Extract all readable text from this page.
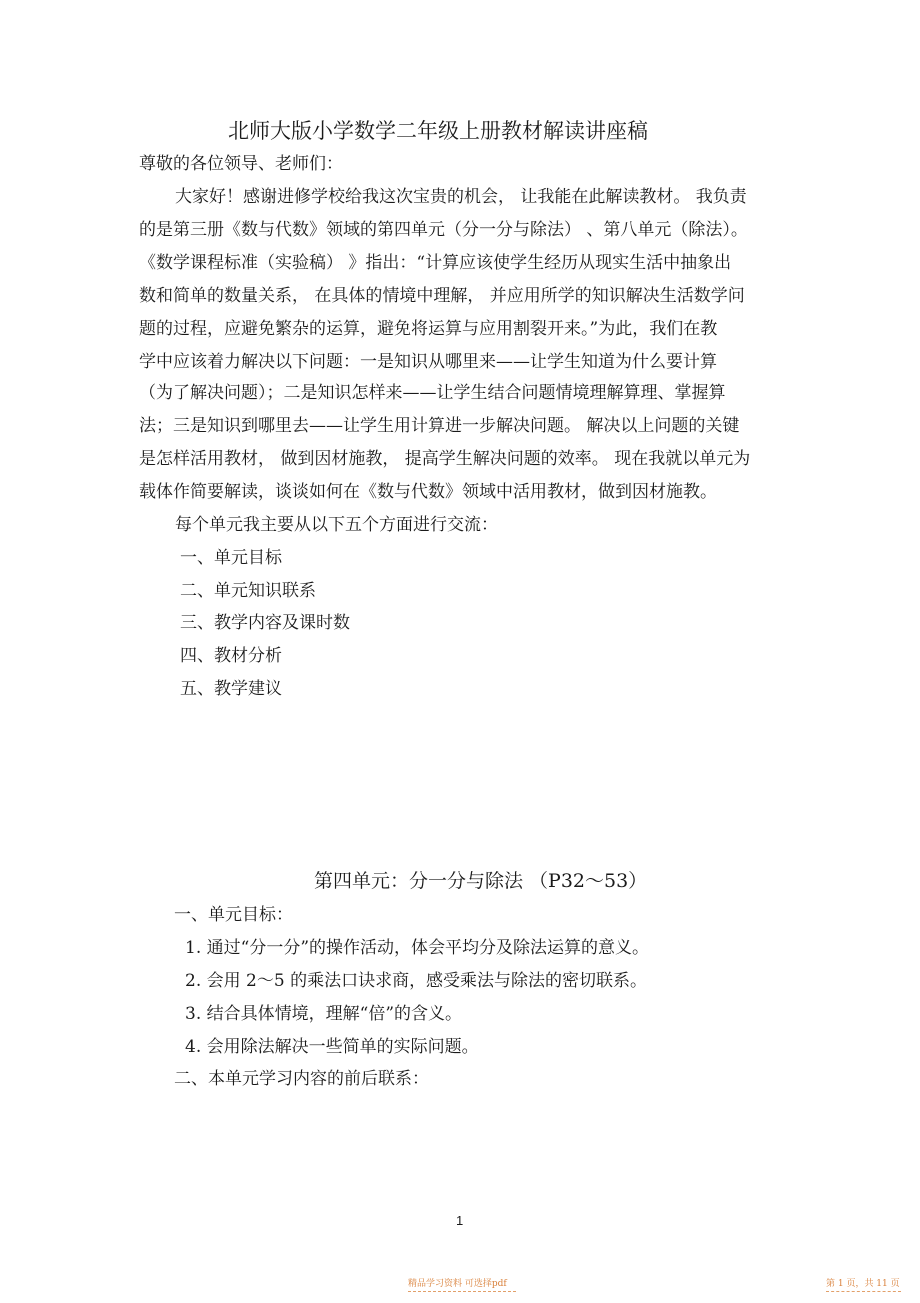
北师大版小学数学二年级上册教材解读讲座稿
尊敬的各位领导、老师们：
大家好！感谢进修学校给我这次宝贵的机会， 让我能在此解读教材。 我负责
的是第三册《数与代数》领域的第四单元（分一分与除法） 、第八单元（除法）。
《数学课程标准（实验稿） 》指出：“计算应该使学生经历从现实生活中抽象出
数和简单的数量关系， 在具体的情境中理解， 并应用所学的知识解决生活数学问
题的过程，应避免繁杂的运算，避免将运算与应用割裂开来。”为此，我们在教
学中应该着力解决以下问题：一是知识从哪里来——让学生知道为什么要计算
（为了解决问题）；二是知识怎样来——让学生结合问题情境理解算理、掌握算
法；三是知识到哪里去——让学生用计算进一步解决问题。 解决以上问题的关键
是怎样活用教材， 做到因材施教， 提高学生解决问题的效率。 现在我就以单元为
载体作简要解读，谈谈如何在《数与代数》领域中活用教材，做到因材施教。
每个单元我主要从以下五个方面进行交流：
一、单元目标
二、单元知识联系
三、教学内容及课时数
四、教材分析
五、教学建议
第四单元：分一分与除法 （P32～53）
一、单元目标：
1. 通过“分一分”的操作活动，体会平均分及除法运算的意义。
2. 会用 2～5 的乘法口诀求商，感受乘法与除法的密切联系。
3. 结合具体情境，理解“倍”的含义。
4. 会用除法解决一些简单的实际问题。
二、本单元学习内容的前后联系：
1
精品学习资料 可选择pdf	第 1 页，共 11 页
